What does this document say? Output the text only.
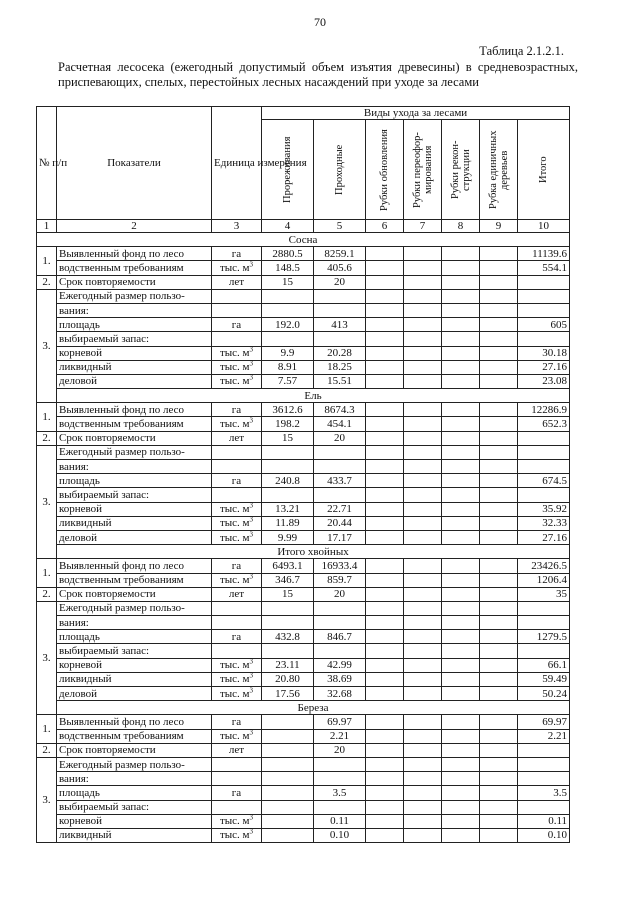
70
Таблица 2.1.2.1.
Расчетная лесосека (ежегодный допустимый объем изъятия древесины) в средневозрастных, приспевающих, спелых, перестойных лесных насаждений при уходе за лесами
№ п/п	Показатели	Единица измерения	Виды ухода за лесами						

			Прореживания	Проходные	Рубки обновления	Рубки переоформирования	Рубки реконструкции	Рубка единичных деревьев	Итого

1	2	3	4	5	6	7	8	9	10
Сосна									
1.	Выявленный фонд по лесо	га	2880.5	8259.1					11139.6
	водственным требованиям	тыс. $м^3$	148.5	405.6					554.1
2.	Срок повторяемости	лет	15	20					
3.	Ежегодный размер пользо-								
	вания:								
	площадь	га	192.0	413					605
	выбираемый запас:								
	корневой	тыс. $м^3$	9.9	20.28					30.18
	ликвидный	тыс. $м^3$	8.91	18.25					27.16
	деловой	тыс. $м^3$	7.57	15.51					23.08
	Ель								
1.	Выявленный фонд по лесо	га	3612.6	8674.3					12286.9
	водственным требованиям	тыс. $м^3$	198.2	454.1					652.3
2.	Срок повторяемости	лет	15	20					
3.	Ежегодный размер пользо-								
	вания:								
	площадь	га	240.8	433.7					674.5
	выбираемый запас:								
	корневой	тыс. $м^3$	13.21	22.71					35.92
	ликвидный	тыс. $м^3$	11.89	20.44					32.33
	деловой	тыс. $м^3$	9.99	17.17					27.16
	Итого хвойных								
1.	Выявленный фонд по лесо	га	6493.1	16933.4					23426.5
	водственным требованиям	тыс. $м^3$	346.7	859.7					1206.4
2.	Срок повторяемости	лет	15	20					35
3.	Ежегодный размер пользо-								
	вания:								
	площадь	га	432.8	846.7					1279.5
	выбираемый запас:								
	корневой	тыс. $м^3$	23.11	42.99					66.1
	ликвидный	тыс. $м^3$	20.80	38.69					59.49
	деловой	тыс. $м^3$	17.56	32.68					50.24
	Береза								
1.	Выявленный фонд по лесо	га		69.97					69.97
	водственным требованиям	тыс. $м^3$		2.21					2.21
2.	Срок повторяемости	лет		20					
3.	Ежегодный размер пользо-								
	вания:								
	площадь	га		3.5					3.5
	выбираемый запас:								
	корневой	тыс. $м^3$		0.11					0.11
	ликвидный	тыс. $м^3$		0.10					0.10
